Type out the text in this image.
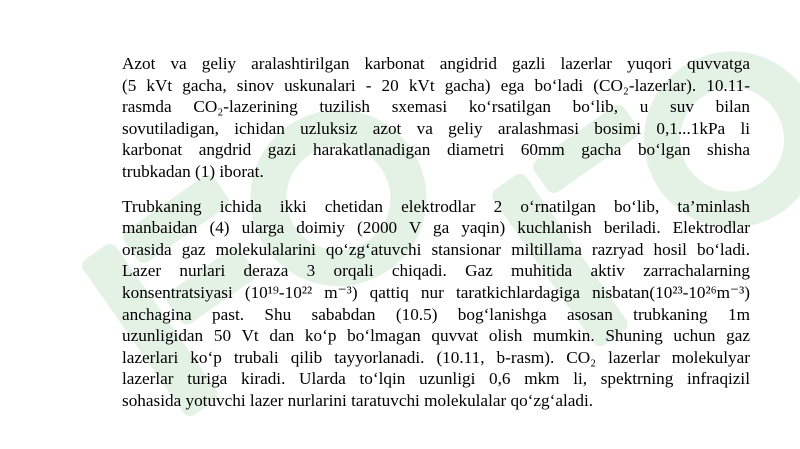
Azot va geliy aralashtirilgan karbonat angidrid gazli lazerlar yuqori quvvatga
(5 kVt gacha, sinov uskunalari - 20 kVt gacha) ega bo‘ladi (CO₂-lazerlar). 10.11-
rasmda CO₂-lazerining tuzilish sxemasi ko‘rsatilgan bo‘lib, u suv bilan
sovutiladigan, ichidan uzluksiz azot va geliy aralashmasi bosimi 0,1...1kPa li
karbonat angdrid gazi harakatlanadigan diametri 60mm gacha bo‘lgan shisha
trubkadan (1) iborat.

Trubkaning ichida ikki chetidan elektrodlar 2 o‘rnatilgan bo‘lib, ta’minlash
manbaidan (4) ularga doimiy (2000 V ga yaqin) kuchlanish beriladi. Elektrodlar
orasida gaz molekulalarini qo‘zg‘atuvchi stansionar miltillama razryad hosil bo‘ladi.
Lazer nurlari deraza 3 orqali chiqadi. Gaz muhitida aktiv zarrachalarning
konsentratsiyasi (10¹⁹-10²² m⁻³) qattiq nur taratkichlardagiga nisbatan(10²³-10²⁶m⁻³)
anchagina past. Shu sababdan (10.5) bog‘lanishga asosan trubkaning 1m
uzunligidan 50 Vt dan ko‘p bo‘lmagan quvvat olish mumkin. Shuning uchun gaz
lazerlari ko‘p trubali qilib tayyorlanadi. (10.11, b-rasm). CO₂ lazerlar molekulyar
lazerlar turiga kiradi. Ularda to‘lqin uzunligi 0,6 mkm li, spektrning infraqizil
sohasida yotuvchi lazer nurlarini taratuvchi molekulalar qo‘zg‘aladi.
